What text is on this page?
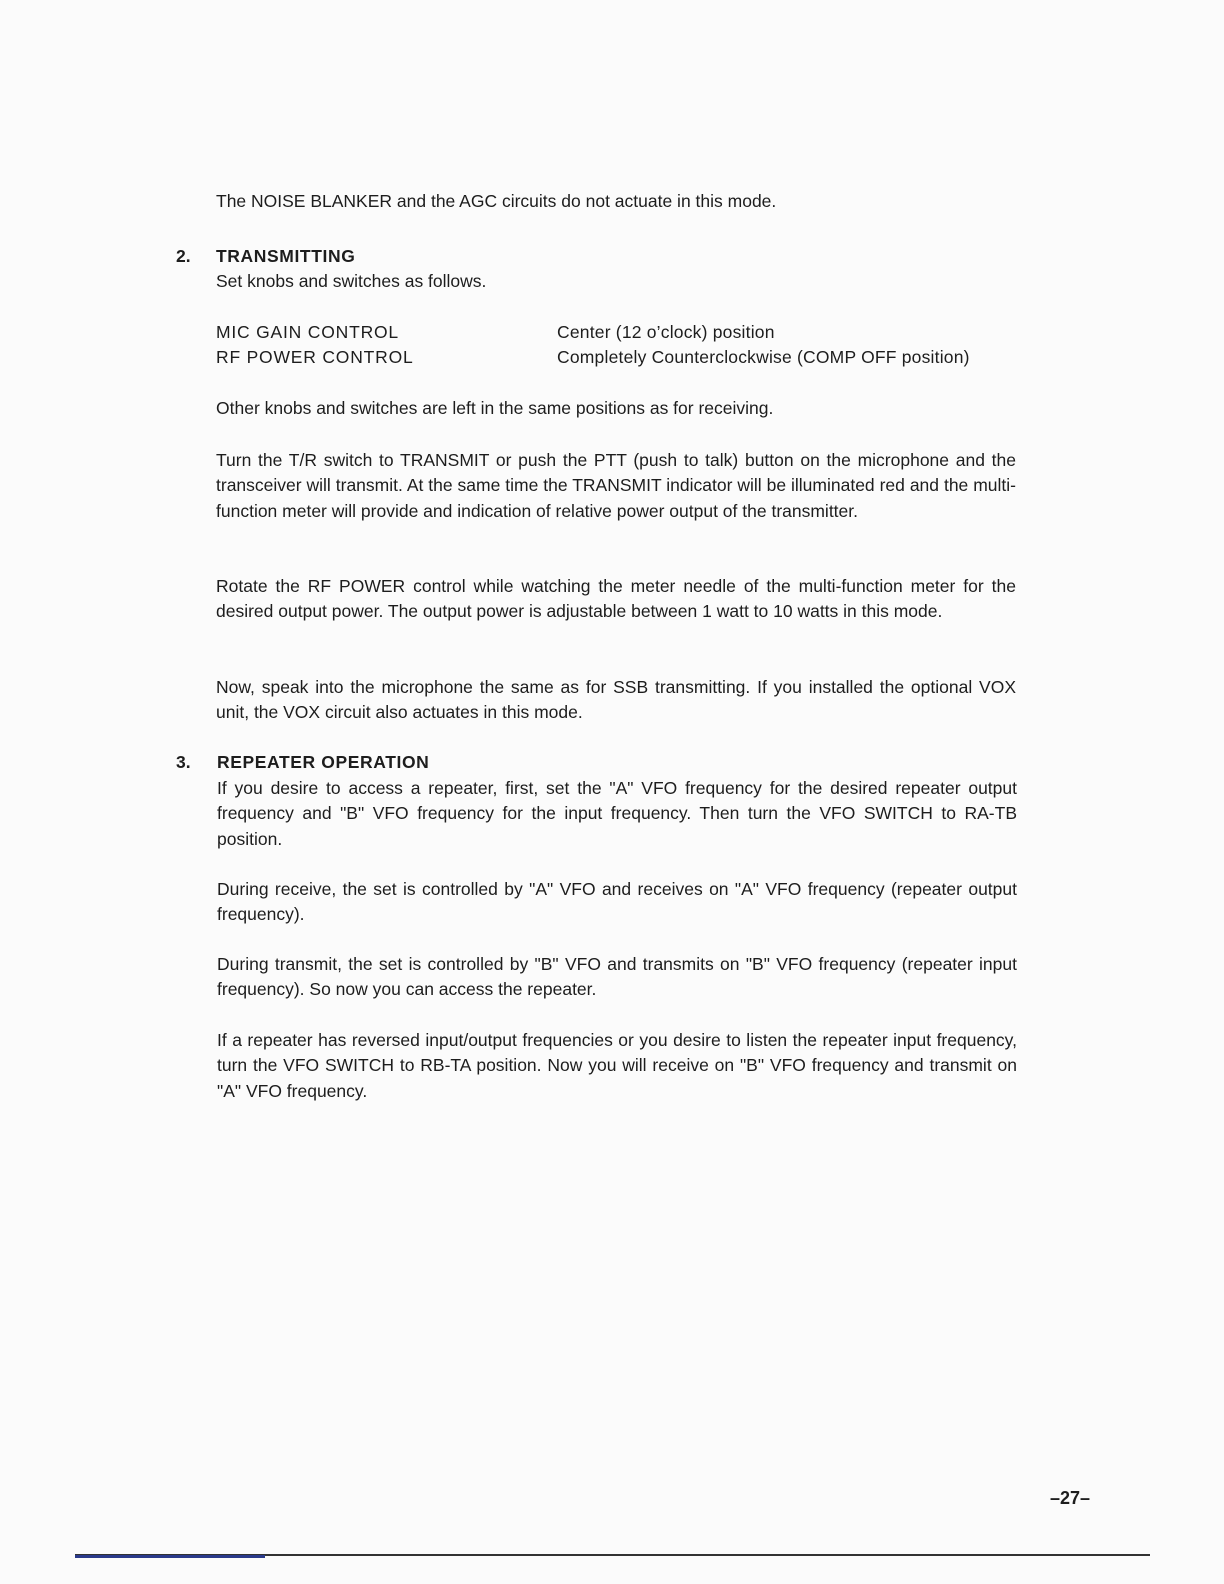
The NOISE BLANKER and the AGC circuits do not actuate in this mode.

2. TRANSMITTING

Set knobs and switches as follows.

MIC GAIN CONTROL	Center (12 o’clock) position
RF POWER CONTROL	Completely Counterclockwise (COMP OFF position)

Other knobs and switches are left in the same positions as for receiving.

Turn the T/R switch to TRANSMIT or push the PTT (push to talk) button on the microphone and the transceiver will transmit. At the same time the TRANSMIT indicator will be illuminated red and the multi-function meter will provide and indication of relative power output of the transmitter.

Rotate the RF POWER control while watching the meter needle of the multi-function meter for the desired output power. The output power is adjustable between 1 watt to 10 watts in this mode.

Now, speak into the microphone the same as for SSB transmitting. If you installed the optional VOX unit, the VOX circuit also actuates in this mode.

3. REPEATER OPERATION

If you desire to access a repeater, first, set the "A" VFO frequency for the desired repeater output frequency and "B" VFO frequency for the input frequency. Then turn the VFO SWITCH to RA-TB position.

During receive, the set is controlled by "A" VFO and receives on "A" VFO frequency (repeater output frequency).

During transmit, the set is controlled by "B" VFO and transmits on "B" VFO frequency (repeater input frequency). So now you can access the repeater.

If a repeater has reversed input/output frequencies or you desire to listen the repeater input frequency, turn the VFO SWITCH to RB-TA position. Now you will receive on "B" VFO frequency and transmit on "A" VFO frequency.

–27–
